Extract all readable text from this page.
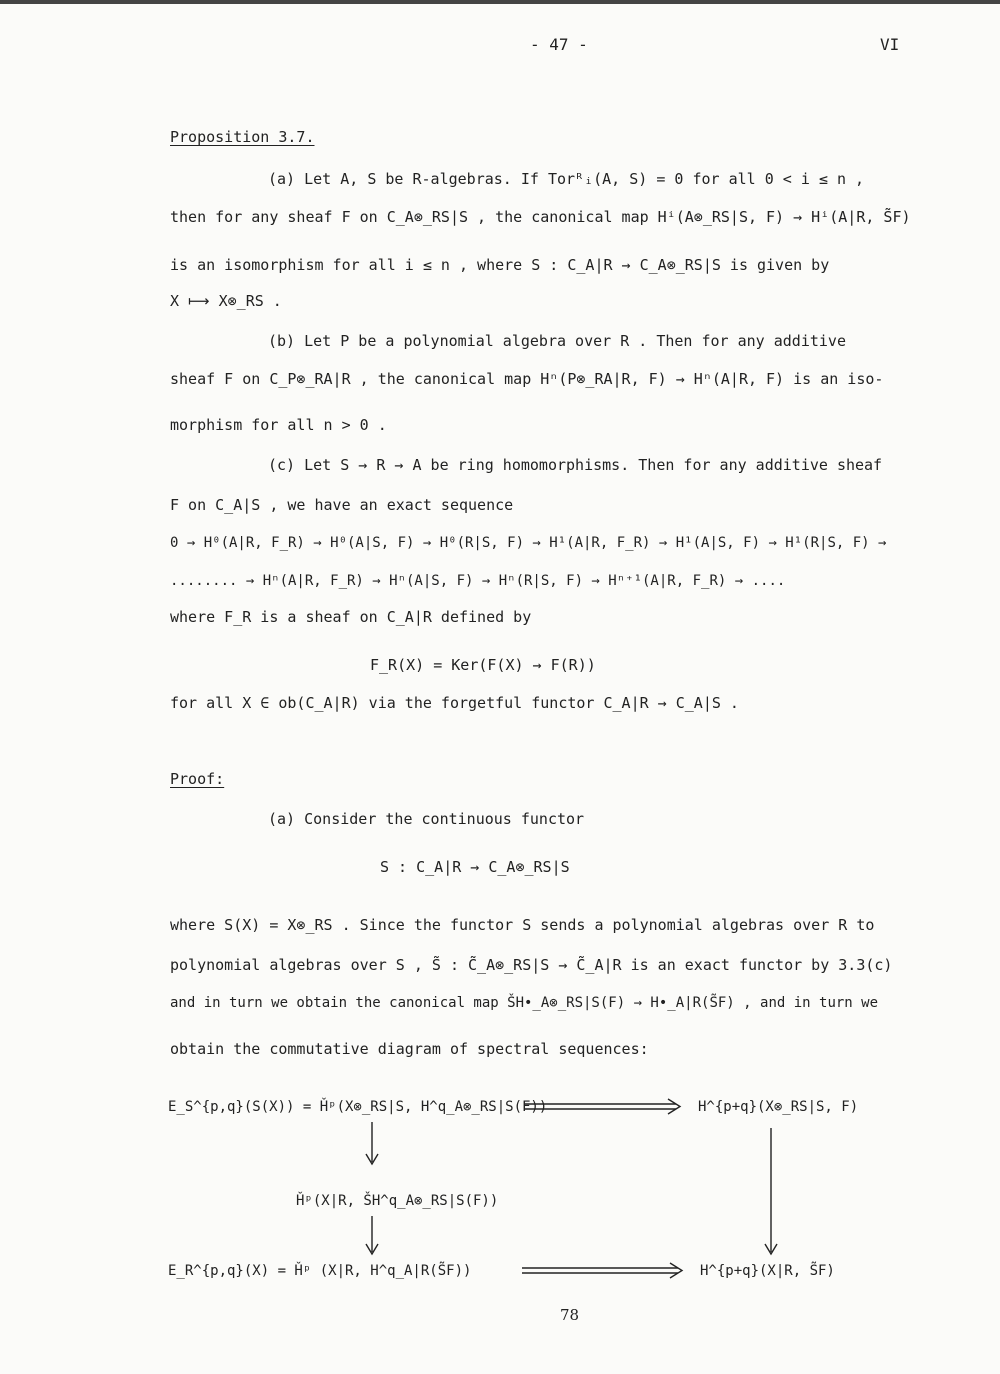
- 47 -	VI
Proposition 3.7.
(a) Let A, S be R-algebras. If Torᴿᵢ(A, S) = 0 for all 0 < i ≤ n ,
then for any sheaf F on C_A⊗_RS|S , the canonical map Hⁱ(A⊗_RS|S, F) → Hⁱ(A|R, S̃F)
is an isomorphism for all i ≤ n , where S : C_A|R → C_A⊗_RS|S is given by
X ⟼ X⊗_RS .
(b) Let P be a polynomial algebra over R . Then for any additive
sheaf F on C_P⊗_RA|R , the canonical map Hⁿ(P⊗_RA|R, F) → Hⁿ(A|R, F) is an iso-
morphism for all n > 0 .
(c) Let S → R → A be ring homomorphisms. Then for any additive sheaf
F on C_A|S , we have an exact sequence
0 → H⁰(A|R, F_R) → H⁰(A|S, F) → H⁰(R|S, F) → H¹(A|R, F_R) → H¹(A|S, F) → H¹(R|S, F) →
........ → Hⁿ(A|R, F_R) → Hⁿ(A|S, F) → Hⁿ(R|S, F) → Hⁿ⁺¹(A|R, F_R) → ....
where F_R is a sheaf on C_A|R defined by
F_R(X) = Ker(F(X) → F(R))
for all X ∈ ob(C_A|R) via the forgetful functor C_A|R → C_A|S .
Proof:
(a) Consider the continuous functor
S : C_A|R → C_A⊗_RS|S
where S(X) = X⊗_RS . Since the functor S sends a polynomial algebras over R to
polynomial algebras over S , S̃ : C̃_A⊗_RS|S → C̃_A|R is an exact functor by 3.3(c)
and in turn we obtain the canonical map ŠH•_A⊗_RS|S(F) → H•_A|R(S̃F) , and in turn we
obtain the commutative diagram of spectral sequences:
E_S^{p,q}(S(X)) = Ȟᵖ(X⊗_RS|S, H^q_A⊗_RS|S(F))	H^{p+q}(X⊗_RS|S, F)
Ȟᵖ(X|R, ŠH^q_A⊗_RS|S(F))
E_R^{p,q}(X) = Ȟᵖ (X|R, H^q_A|R(S̃F))	H^{p+q}(X|R, S̃F)
78
